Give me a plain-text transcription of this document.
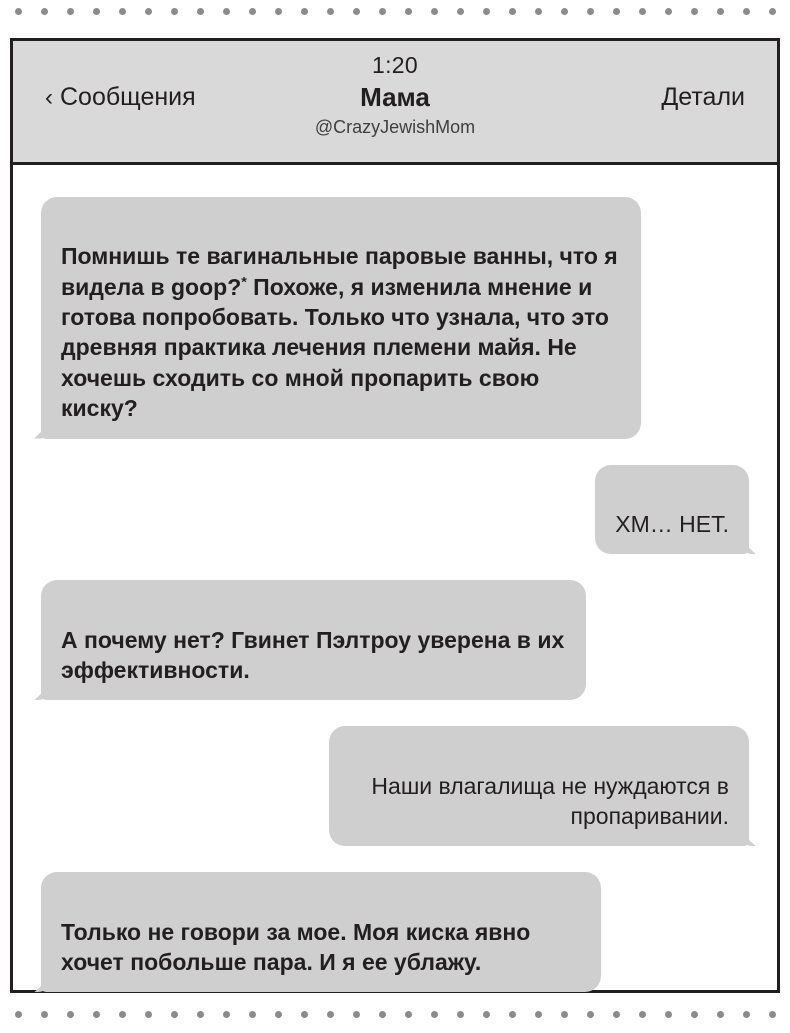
1:20
‹ Сообщения	Мама
@CrazyJewishMom
Детали

Помнишь те вагинальные паровые ванны, что я видела в goop?* Похоже, я изменила мнение и готова попробовать. Только что узнала, что это древняя практика лечения племени майя. Не хочешь сходить со мной пропарить свою киску?

ХМ… НЕТ.

А почему нет? Гвинет Пэлтроу уверена в их эффективности.

Наши влагалища не нуждаются в пропаривании.

Только не говори за мое. Моя киска явно хочет побольше пара. И я ее ублажу.
